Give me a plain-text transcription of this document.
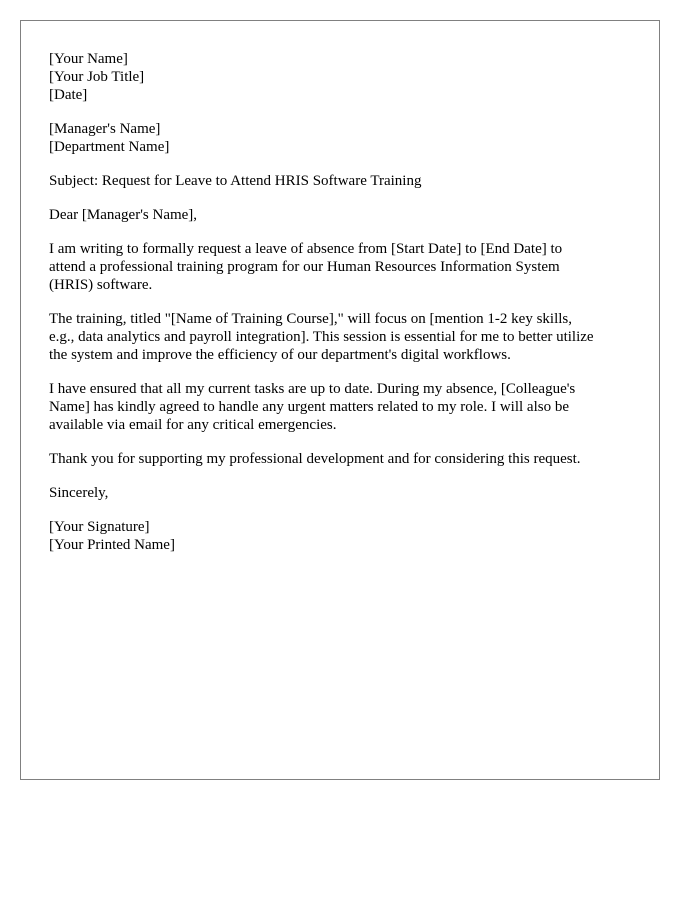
[Your Name]
[Your Job Title]
[Date]
[Manager's Name]
[Department Name]

Subject: Request for Leave to Attend HRIS Software Training

Dear [Manager's Name],

I am writing to formally request a leave of absence from [Start Date] to [End Date] to
attend a professional training program for our Human Resources Information System
(HRIS) software.

The training, titled "[Name of Training Course]," will focus on [mention 1-2 key skills,
e.g., data analytics and payroll integration]. This session is essential for me to better utilize
the system and improve the efficiency of our department's digital workflows.

I have ensured that all my current tasks are up to date. During my absence, [Colleague's
Name] has kindly agreed to handle any urgent matters related to my role. I will also be
available via email for any critical emergencies.

Thank you for supporting my professional development and for considering this request.

Sincerely,

[Your Signature]
[Your Printed Name]
